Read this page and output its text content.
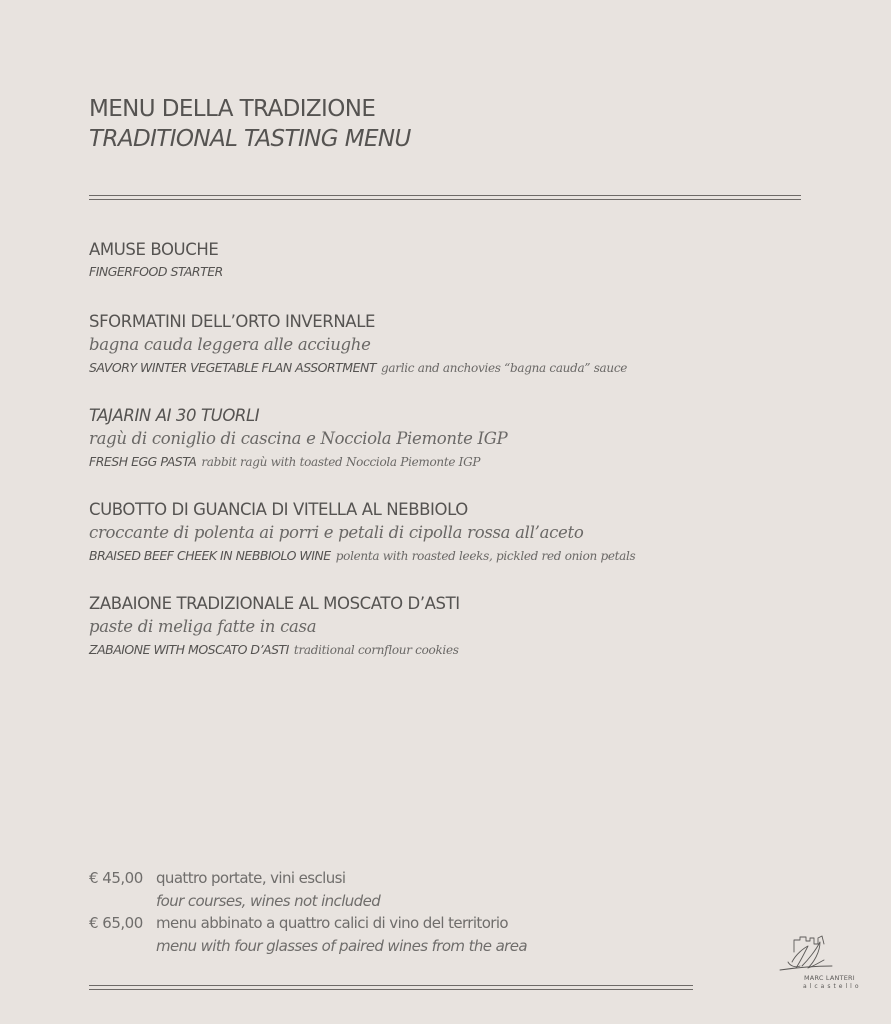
MENU DELLA TRADIZIONE
TRADITIONAL TASTING MENU
AMUSE BOUCHE
FINGERFOOD STARTER
SFORMATINI DELL’ORTO INVERNALE
bagna cauda leggera alle acciughe
SAVORY WINTER VEGETABLE FLAN ASSORTMENT garlic and anchovies “bagna cauda” sauce
TAJARIN AI 30 TUORLI
ragù di coniglio di cascina e Nocciola Piemonte IGP
FRESH EGG PASTA rabbit ragù with toasted Nocciola Piemonte IGP
CUBOTTO DI GUANCIA DI VITELLA AL NEBBIOLO
croccante di polenta ai porri e petali di cipolla rossa all’aceto
BRAISED BEEF CHEEK IN NEBBIOLO WINE polenta with roasted leeks, pickled red onion petals
ZABAIONE TRADIZIONALE AL MOSCATO D’ASTI
paste di meliga fatte in casa
ZABAIONE WITH MOSCATO D’ASTI traditional cornflour cookies
€ 45,00 quattro portate, vini esclusi
four courses, wines not included
€ 65,00 menu abbinato a quattro calici di vino del territorio
menu with four glasses of paired wines from the area
MARC LANTERI
alcastello
